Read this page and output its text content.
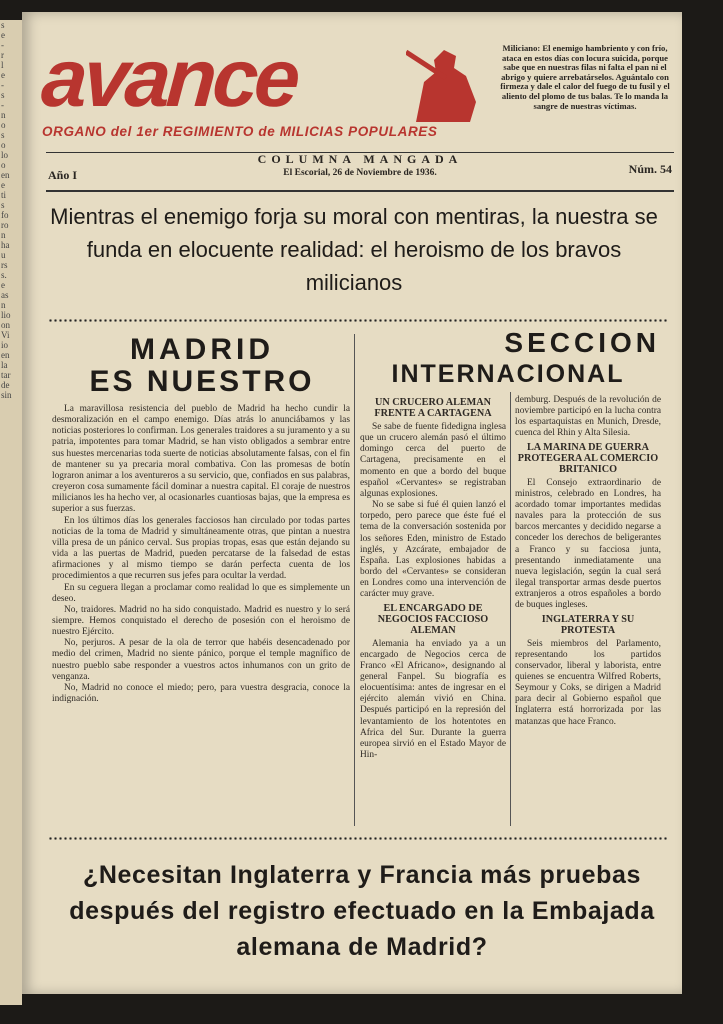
s
e
-
r
l
e
-
s
-
n
o
s
o
lo
o
en
e
ti
s
fo
ro
n
ha
u
rs
s.
e
as
n
lio
on
Vi
io
en
la
tar
de
sin
avance
ORGANO del 1er REGIMIENTO de MILICIAS POPULARES
Miliciano: El enemigo hambriento y con frío, ataca en estos días con locura suicida, porque sabe que en nuestras filas ni falta el pan ni el abrigo y quiere arrebatárselos. Aguántalo con firmeza y dale el calor del fuego de tu fusil y el aliento del plomo de tus balas. Te lo manda la sangre de nuestras víctimas.
Año I
COLUMNA MANGADA
El Escorial, 26 de Noviembre de 1936.	Núm. 54
Mientras el enemigo forja su moral con mentiras, la nuestra se funda en elocuente realidad: el heroismo de los bravos milicianos
MADRID
ES NUESTRO

La maravillosa resistencia del pueblo de Madrid ha hecho cundir la desmoralización en el campo enemigo. Días atrás lo anunciábamos y las noticias posteriores lo confirman. Los generales traidores a su juramento y a su patria, impotentes para tomar Madrid, se han visto obligados a sembrar entre sus huestes mercenarias toda suerte de noticias absolutamente falsas, con el fin de mantener su ya precaria moral combativa. Con las promesas de botín lograron animar a los aventureros a su servicio, que, confiados en sus palabras, creyeron cosa sumamente fácil dominar a nuestra capital. El coraje de nuestros milicianos les ha hecho ver, al ocasionarles cuantiosas bajas, que la empresa es superior a sus fuerzas.

En los últimos días los generales facciosos han circulado por todas partes noticias de la toma de Madrid y simultáneamente otras, que pintan a nuestra villa presa de un pánico cerval. Sus propias tropas, esas que están dejando su vida a las puertas de Madrid, pueden percatarse de la falsedad de estas afirmaciones y al mismo tiempo se darán perfecta cuenta de los procedimientos a que recurren sus jefes para ocultar la verdad.

En su ceguera llegan a proclamar como realidad lo que es simplemente un deseo.

No, traidores. Madrid no ha sido conquistado. Madrid es nuestro y lo será siempre. Hemos conquistado el derecho de posesión con el heroismo de nuestro Ejército.

No, perjuros. A pesar de la ola de terror que habéis desencadenado por medio del crimen, Madrid no siente pánico, porque el temple magnífico de nuestro pueblo sabe responder a vuestros actos inhumanos con un grito de venganza.

No, Madrid no conoce el miedo; pero, para vuestra desgracia, conoce la indignación.

SECCION
INTERNACIONAL
UN CRUCERO ALEMAN FRENTE A CARTAGENA

Se sabe de fuente fidedigna inglesa que un crucero alemán pasó el último domingo cerca del puerto de Cartagena, precisamente en el momento en que a bordo del buque español «Cervantes» se registraban algunas explosiones.

No se sabe si fué él quien lanzó el torpedo, pero parece que éste fué el tema de la conversación sostenida por los señores Eden, ministro de Estado inglés, y Azcárate, embajador de España. Las explosiones habidas a bordo del «Cervantes» se consideran en Londres como una intervención de carácter muy grave.

EL ENCARGADO DE NEGOCIOS FACCIOSO ALEMAN

Alemania ha enviado ya a un encargado de Negocios cerca de Franco «El Africano», designando al general Fanpel. Su biografía es elocuentísima: antes de ingresar en el ejército alemán vivió en China. Después participó en la represión del levantamiento de los hotentotes en Africa del Sur. Durante la guerra europea sirvió en el Estado Mayor de Hin-

demburg. Después de la revolución de noviembre participó en la lucha contra los espartaquistas en Munich, Dresde, cuenca del Rhin y Alta Silesia.

LA MARINA DE GUERRA PROTEGERA AL COMERCIO BRITANICO

El Consejo extraordinario de ministros, celebrado en Londres, ha acordado tomar importantes medidas navales para la protección de sus barcos mercantes y decidido negarse a conceder los derechos de beligerantes a Franco y su facciosa junta, presentando inmediatamente una nueva legislación, según la cual será ilegal transportar armas desde puertos extranjeros a otros españoles a bordo de buques ingleses.

INGLATERRA Y SU PROTESTA

Seis miembros del Parlamento, representando los partidos conservador, liberal y laborista, entre quienes se encuentra Wilfred Roberts, Seymour y Coks, se dirigen a Madrid para decir al Gobierno español que Inglaterra está horrorizada por las matanzas que hace Franco.

¿Necesitan Inglaterra y Francia más pruebas después del registro efectuado en la Embajada alemana de Madrid?
